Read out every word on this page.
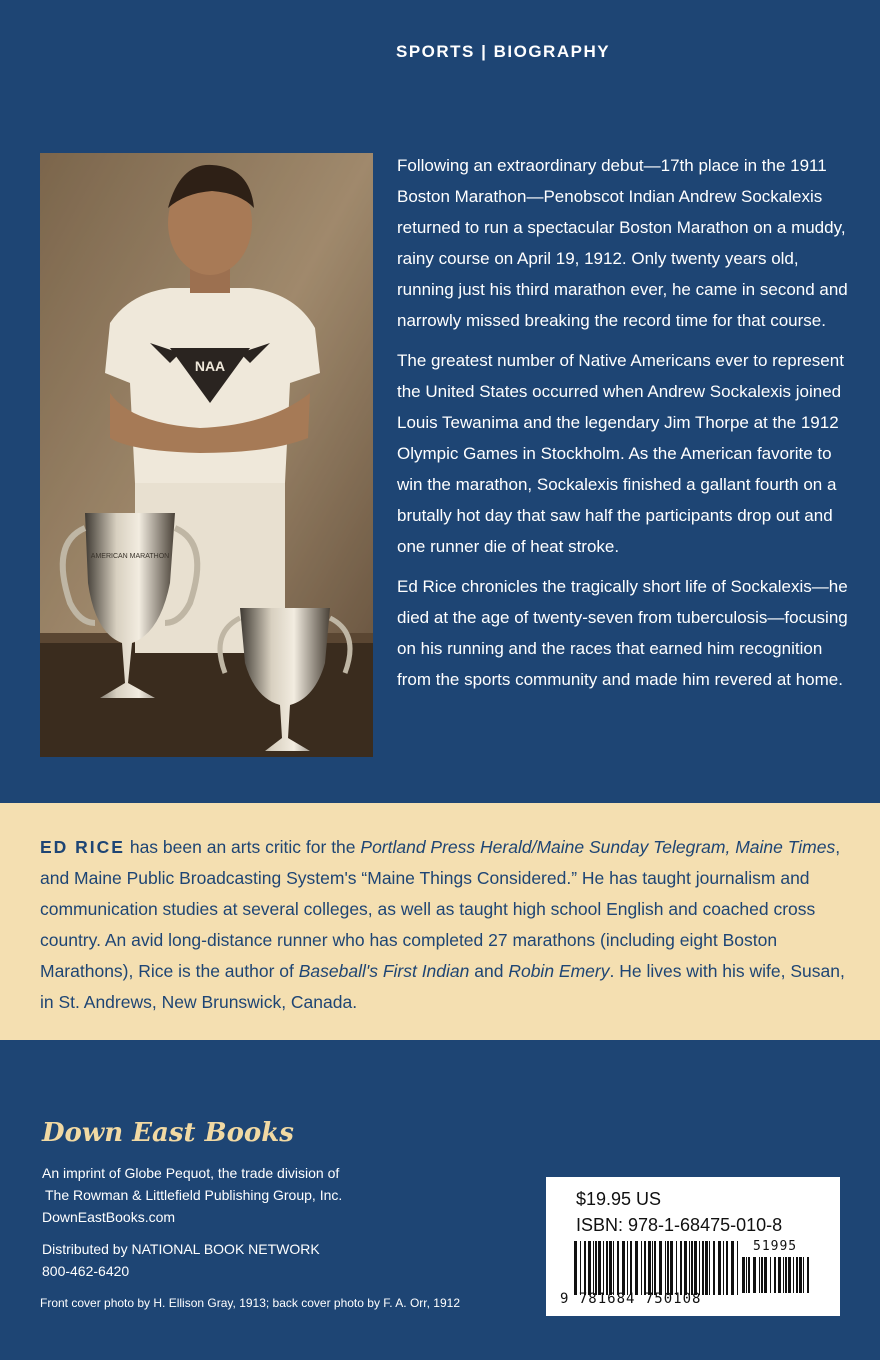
SPORTS | BIOGRAPHY
NAA
AMERICAN MARATHON

Following an extraordinary debut—17th place in the 1911 Boston Marathon—Penobscot Indian Andrew Sockalexis returned to run a spectacular Boston Marathon on a muddy, rainy course on April 19, 1912. Only twenty years old, running just his third marathon ever, he came in second and narrowly missed breaking the record time for that course.

The greatest number of Native Americans ever to represent the United States occurred when Andrew Sockalexis joined Louis Tewanima and the legendary Jim Thorpe at the 1912 Olympic Games in Stockholm. As the American favorite to win the marathon, Sockalexis finished a gallant fourth on a brutally hot day that saw half the participants drop out and one runner die of heat stroke.

Ed Rice chronicles the tragically short life of Sockalexis—he died at the age of twenty-seven from tuberculosis—focusing on his running and the races that earned him recognition from the sports community and made him revered at home.

ED RICE has been an arts critic for the Portland Press Herald/Maine Sunday Telegram, Maine Times, and Maine Public Broadcasting System's “Maine Things Considered.” He has taught journalism and communication studies at several colleges, as well as taught high school English and coached cross country. An avid long-distance runner who has completed 27 marathons (including eight Boston Marathons), Rice is the author of Baseball's First Indian and Robin Emery. He lives with his wife, Susan, in St. Andrews, New Brunswick, Canada.
Down East Books
An imprint of Globe Pequot, the trade division of
The Rowman & Littlefield Publishing Group, Inc.
DownEastBooks.com
Distributed by NATIONAL BOOK NETWORK
800-462-6420
Front cover photo by H. Ellison Gray, 1913; back cover photo by F. A. Orr, 1912
$19.95 US
ISBN: 978-1-68475-010-8
51995
9 781684 750108
